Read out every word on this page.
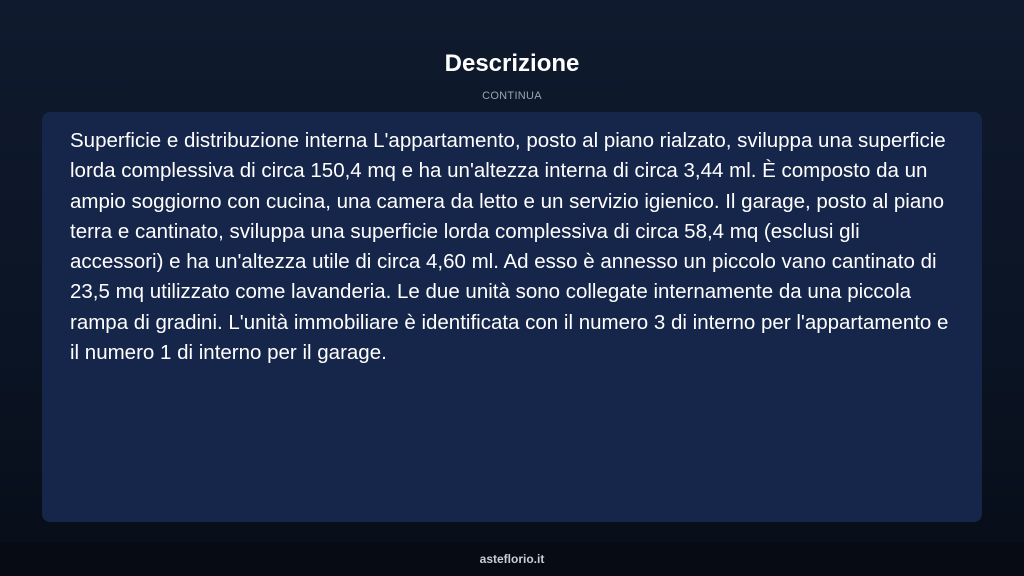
Descrizione
CONTINUA

Superficie e distribuzione interna L'appartamento, posto al piano rialzato, sviluppa una superficie lorda complessiva di circa 150,4 mq e ha un'altezza interna di circa 3,44 ml. È composto da un ampio soggiorno con cucina, una camera da letto e un servizio igienico. Il garage, posto al piano terra e cantinato, sviluppa una superficie lorda complessiva di circa 58,4 mq (esclusi gli accessori) e ha un'altezza utile di circa 4,60 ml. Ad esso è annesso un piccolo vano cantinato di 23,5 mq utilizzato come lavanderia. Le due unità sono collegate internamente da una piccola rampa di gradini. L'unità immobiliare è identificata con il numero 3 di interno per l'appartamento e il numero 1 di interno per il garage.

asteflorio.it
